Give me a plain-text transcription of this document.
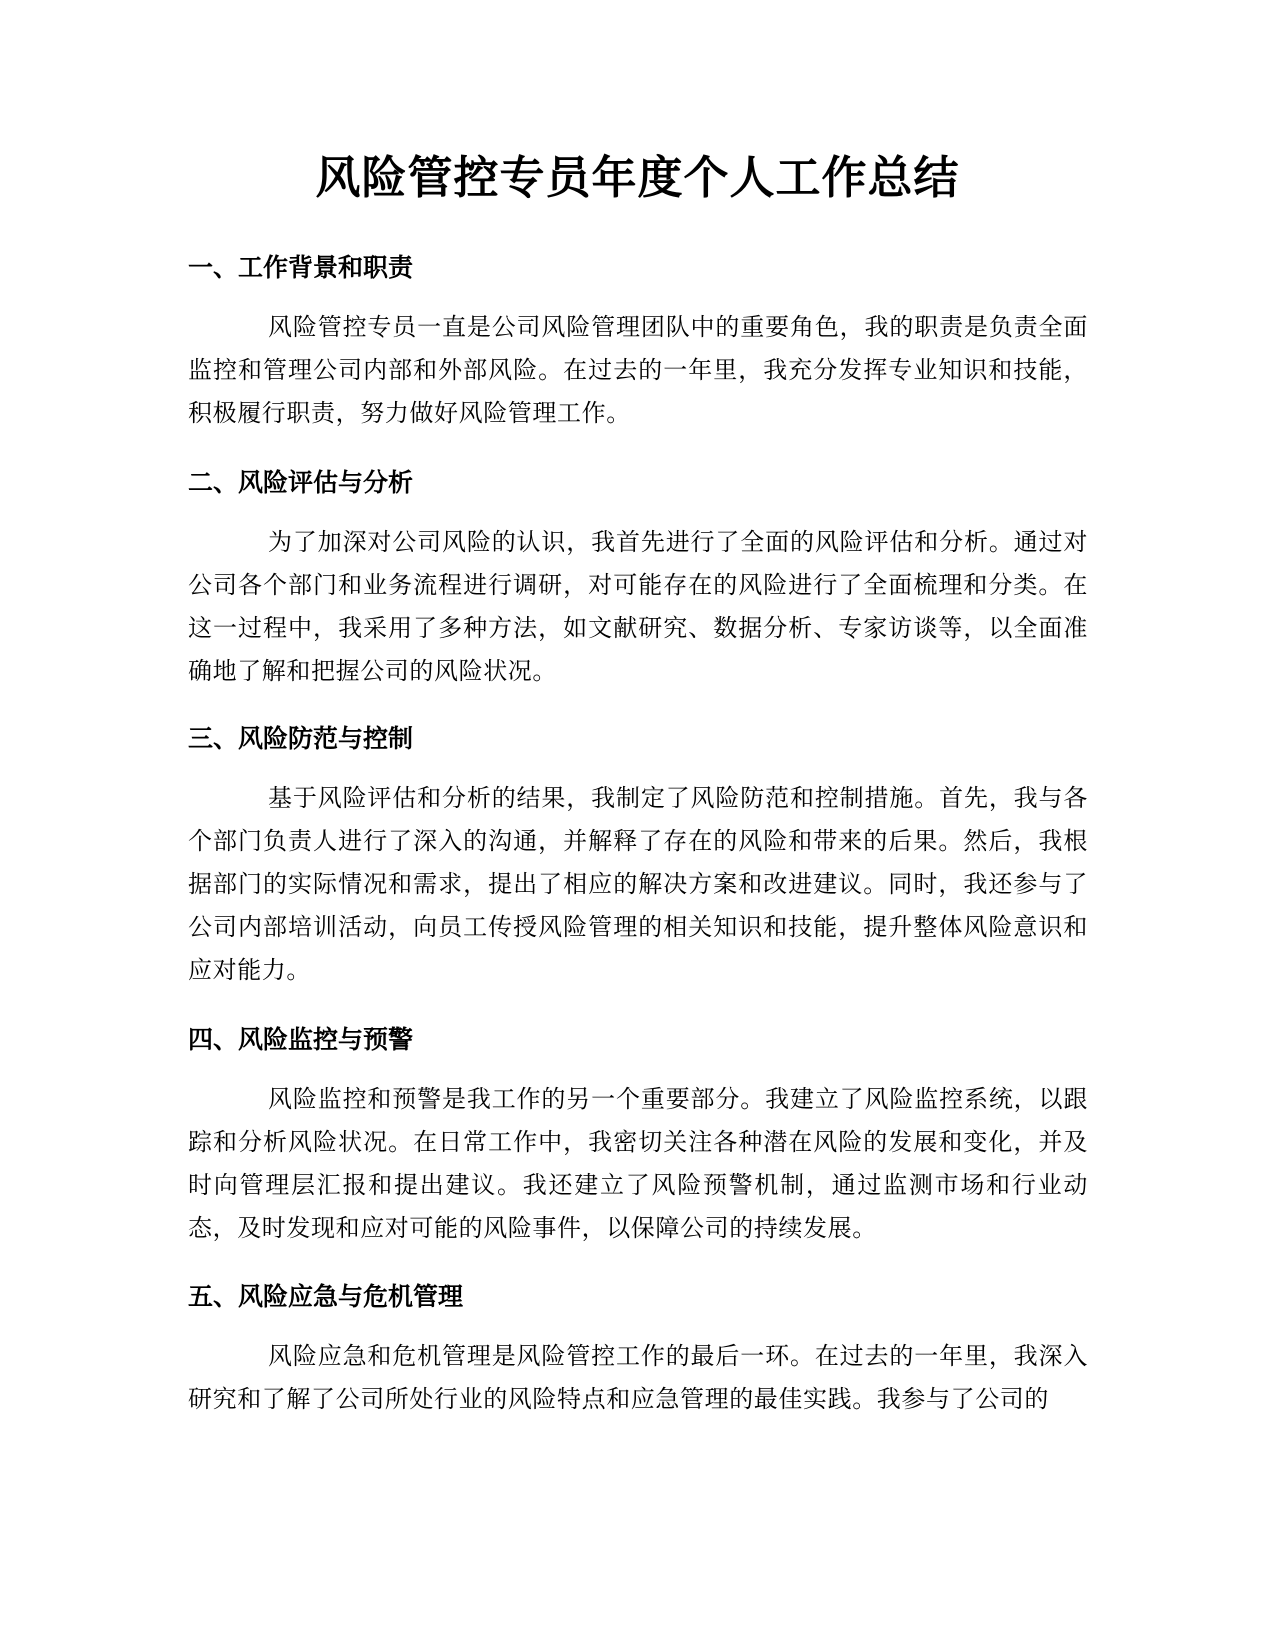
风险管控专员年度个人工作总结
一、工作背景和职责

风险管控专员一直是公司风险管理团队中的重要角色，我的职责是负责全面监控和管理公司内部和外部风险。在过去的一年里，我充分发挥专业知识和技能，积极履行职责，努力做好风险管理工作。

二、风险评估与分析

为了加深对公司风险的认识，我首先进行了全面的风险评估和分析。通过对公司各个部门和业务流程进行调研，对可能存在的风险进行了全面梳理和分类。在这一过程中，我采用了多种方法，如文献研究、数据分析、专家访谈等，以全面准确地了解和把握公司的风险状况。

三、风险防范与控制

基于风险评估和分析的结果，我制定了风险防范和控制措施。首先，我与各个部门负责人进行了深入的沟通，并解释了存在的风险和带来的后果。然后，我根据部门的实际情况和需求，提出了相应的解决方案和改进建议。同时，我还参与了公司内部培训活动，向员工传授风险管理的相关知识和技能，提升整体风险意识和应对能力。

四、风险监控与预警

风险监控和预警是我工作的另一个重要部分。我建立了风险监控系统，以跟踪和分析风险状况。在日常工作中，我密切关注各种潜在风险的发展和变化，并及时向管理层汇报和提出建议。我还建立了风险预警机制，通过监测市场和行业动态，及时发现和应对可能的风险事件，以保障公司的持续发展。

五、风险应急与危机管理

风险应急和危机管理是风险管控工作的最后一环。在过去的一年里，我深入研究和了解了公司所处行业的风险特点和应急管理的最佳实践。我参与了公司的
